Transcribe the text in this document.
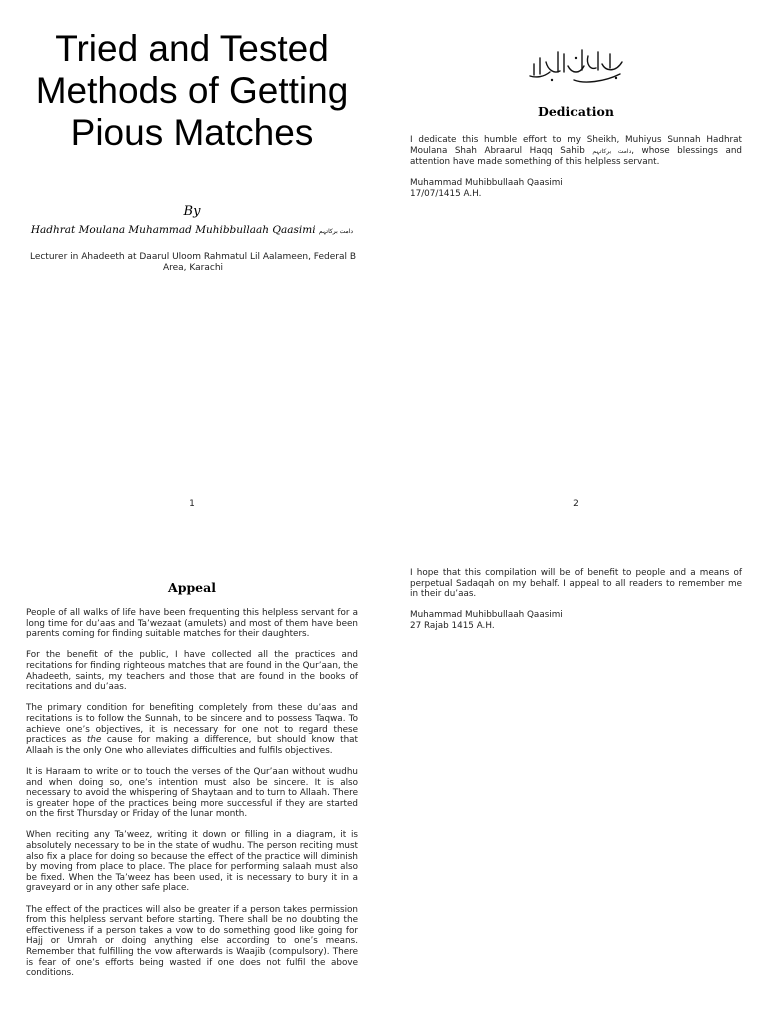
Tried and Tested
Methods of Getting
Pious Matches
By
Hadhrat Moulana Muhammad Muhibbullaah Qaasimi دامت برکاتہم
Lecturer in Ahadeeth at Daarul Uloom Rahmatul Lil Aalameen, Federal B Area, Karachi
1
Dedication

I dedicate this humble effort to my Sheikh, Muhiyus Sunnah Hadhrat Moulana Shah Abraarul Haqq Sahib دامت برکاتہم, whose blessings and attention have made something of this helpless servant.

Muhammad Muhibbullaah Qaasimi
17/07/1415 A.H.

2
Appeal

People of all walks of life have been frequenting this helpless servant for a long time for du’aas and Ta’wezaat (amulets) and most of them have been parents coming for finding suitable matches for their daughters.

For the benefit of the public, I have collected all the practices and recitations for finding righteous matches that are found in the Qur’aan, the Ahadeeth, saints, my teachers and those that are found in the books of recitations and du’aas.

The primary condition for benefiting completely from these du’aas and recitations is to follow the Sunnah, to be sincere and to possess Taqwa. To achieve one’s objectives, it is necessary for one not to regard these practices as the cause for making a difference, but should know that Allaah is the only One who alleviates difficulties and fulfils objectives.

It is Haraam to write or to touch the verses of the Qur’aan without wudhu and when doing so, one’s intention must also be sincere. It is also necessary to avoid the whispering of Shaytaan and to turn to Allaah. There is greater hope of the practices being more successful if they are started on the first Thursday or Friday of the lunar month.

When reciting any Ta’weez, writing it down or filling in a diagram, it is absolutely necessary to be in the state of wudhu. The person reciting must also fix a place for doing so because the effect of the practice will diminish by moving from place to place. The place for performing salaah must also be fixed. When the Ta’weez has been used, it is necessary to bury it in a graveyard or in any other safe place.

The effect of the practices will also be greater if a person takes permission from this helpless servant before starting. There shall be no doubting the effectiveness if a person takes a vow to do something good like going for Hajj or Umrah or doing anything else according to one’s means. Remember that fulfilling the vow afterwards is Waajib (compulsory). There is fear of one’s efforts being wasted if one does not fulfil the above conditions.

I hope that this compilation will be of benefit to people and a means of perpetual Sadaqah on my behalf. I appeal to all readers to remember me in their du’aas.

Muhammad Muhibbullaah Qaasimi
27 Rajab 1415 A.H.
